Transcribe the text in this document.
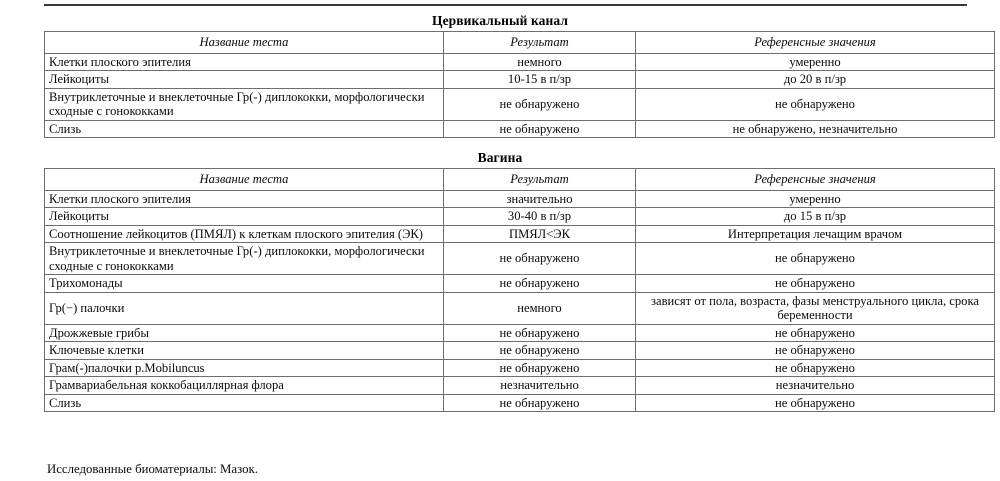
Цервикальный канал
Название теста	Результат	Референсные значения
Клетки плоского эпителия	немного	умеренно
Лейкоциты	10-15 в п/зр	до 20 в п/зр
Внутриклеточные и внеклеточные Гр(-) диплококки, морфологически сходные с гонококками	не обнаружено	не обнаружено
Слизь	не обнаружено	не обнаружено, незначительно
Вагина
Название теста	Результат	Референсные значения
Клетки плоского эпителия	значительно	умеренно
Лейкоциты	30-40 в п/зр	до 15 в п/зр
Соотношение лейкоцитов (ПМЯЛ) к клеткам плоского эпителия (ЭК)	ПМЯЛ<ЭК	Интерпретация лечащим врачом
Внутриклеточные и внеклеточные Гр(-) диплококки, морфологически сходные с гонококками	не обнаружено	не обнаружено
Трихомонады	не обнаружено	не обнаружено
Гр(−) палочки	немного	зависят от пола, возраста, фазы менструального цикла, срока беременности
Дрожжевые грибы	не обнаружено	не обнаружено
Ключевые клетки	не обнаружено	не обнаружено
Грам(-)палочки p.Mobiluncus	не обнаружено	не обнаружено
Грамвариабельная коккобациллярная флора	незначительно	незначительно
Слизь	не обнаружено	не обнаружено
Исследованные биоматериалы: Мазок.
